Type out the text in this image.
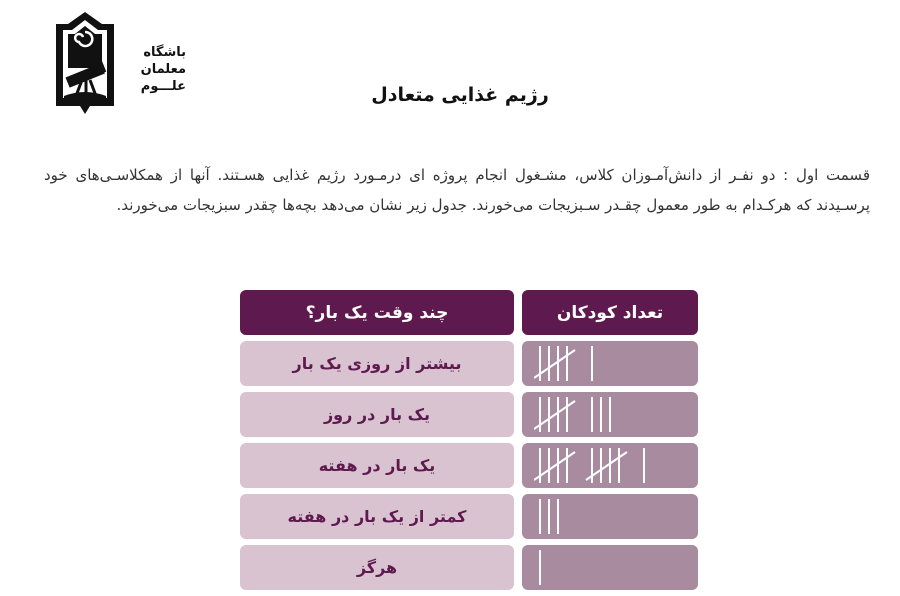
باشگاه
معلمان
علـــوم	رژیم غذایی متعادل
قسمت اول : دو نفـر از دانش‌آمـوزان کلاس، مشـغول انجام پروژه ای درمـورد رژیم غذایی هسـتند. آنها از همکلاسـی‌های خود پرسـیدند که هرکـدام به طور معمول چقـدر سـبزیجات می‌خورند. جدول زیر نشان می‌دهد بچه‌ها چقدر سبزیجات می‌خورند.
چند وقت یک بار؟	تعداد کودکان
بیشتر از روزی یک بار
یک بار در روز
یک بار در هفته
کمتر از یک بار در هفته
هرگز
